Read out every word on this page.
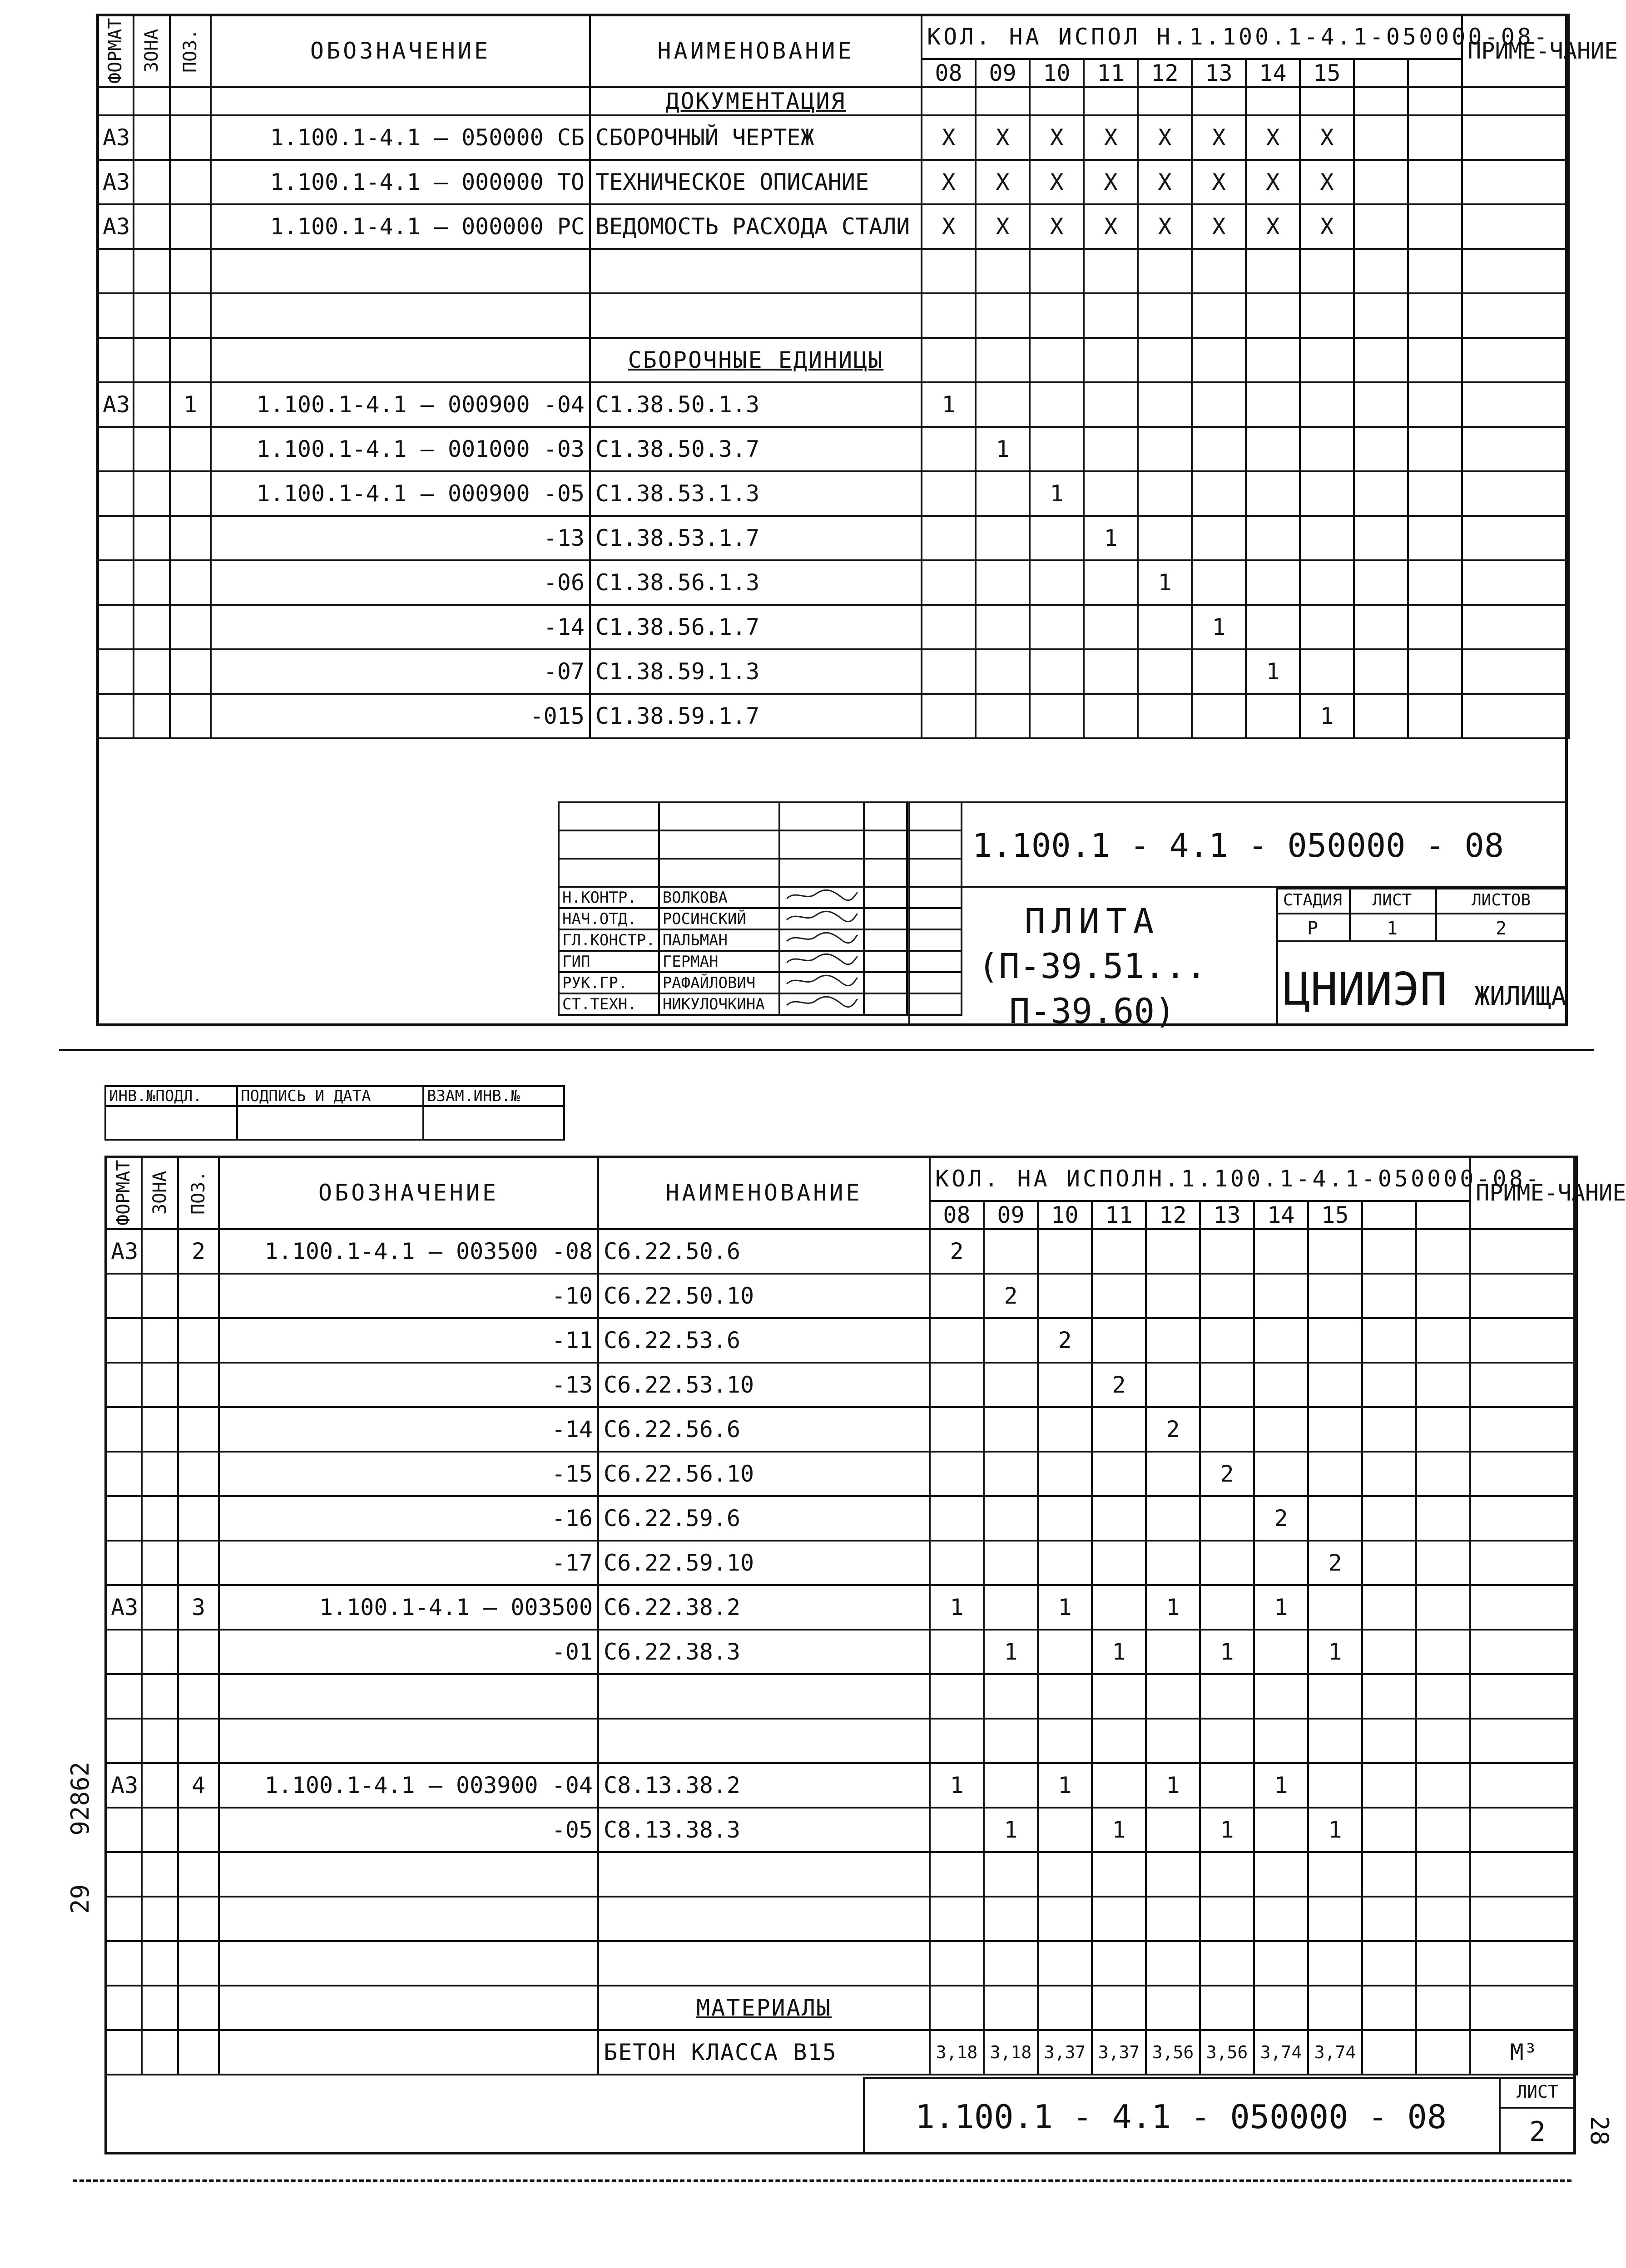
ФОРМАТ	ЗОНА	ПОЗ.	ОБОЗНАЧЕНИЕ	НАИМЕНОВАНИЕ	КОЛ. НА ИСПОЛ Н.1.100.1-4.1-050000-08-										ПРИМЕ-ЧАНИЕ
					08	09	10	11	12	13	14	15			
				ДОКУМЕНТАЦИЯ											
A3			1.100.1-4.1 — 050000 СБ	СБОРОЧНЫЙ ЧЕРТЕЖ	X	X	X	X	X	X	X	X			
A3			1.100.1-4.1 — 000000 ТО	ТЕХНИЧЕСКОЕ ОПИСАНИЕ	X	X	X	X	X	X	X	X			
A3			1.100.1-4.1 — 000000 РС	ВЕДОМОСТЬ РАСХОДА СТАЛИ	X	X	X	X	X	X	X	X			

				СБОРОЧНЫЕ ЕДИНИЦЫ											
A3		1	1.100.1-4.1 — 000900 -04	С1.38.50.1.3	1										
			1.100.1-4.1 — 001000 -03	С1.38.50.3.7		1									
			1.100.1-4.1 — 000900 -05	С1.38.53.1.3			1								
			-13	С1.38.53.1.7				1							
			-06	С1.38.56.1.3					1						
			-14	С1.38.56.1.7						1					
			-07	С1.38.59.1.3							1				
			-015	С1.38.59.1.7								1			

Н.КОНТР.	ВОЛКОВА			
НАЧ.ОТД.	РОСИНСКИЙ			
ГЛ.КОНСТР.	ПАЛЬМАН			
ГИП	ГЕРМАН			
РУК.ГР.	РАФАЙЛОВИЧ			
СТ.ТЕХН.	НИКУЛОЧКИНА			
1.100.1 - 4.1 - 050000 - 08
ПЛИТА
(П-39.51... П-39.60)
СТАДИЯ	ЛИСТ	ЛИСТОВ
Р	1	2
ЦНИИЭП ЖИЛИЩА
ИНВ.№ПОДЛ.	ПОДПИСЬ И ДАТА	ВЗАМ.ИНВ.№

ФОРМАТ	ЗОНА	ПОЗ.	ОБОЗНАЧЕНИЕ	НАИМЕНОВАНИЕ	КОЛ. НА ИСПОЛН.1.100.1-4.1-050000-08-										ПРИМЕ-ЧАНИЕ
					08	09	10	11	12	13	14	15			
A3		2	1.100.1-4.1 — 003500 -08	С6.22.50.6	2										
			-10	С6.22.50.10		2									
			-11	С6.22.53.6			2								
			-13	С6.22.53.10				2							
			-14	С6.22.56.6					2						
			-15	С6.22.56.10						2					
			-16	С6.22.59.6							2				
			-17	С6.22.59.10								2			
A3		3	1.100.1-4.1 — 003500	С6.22.38.2	1		1		1		1				
			-01	С6.22.38.3		1		1		1		1			

A3		4	1.100.1-4.1 — 003900 -04	С8.13.38.2	1		1		1		1				
			-05	С8.13.38.3		1		1		1		1			

				МАТЕРИАЛЫ											
				БЕТОН КЛАССА В15	3,18	3,18	3,37	3,37	3,56	3,56	3,74	3,74			М³
1.100.1 - 4.1 - 050000 - 08
ЛИСТ
2
92862
29
28
